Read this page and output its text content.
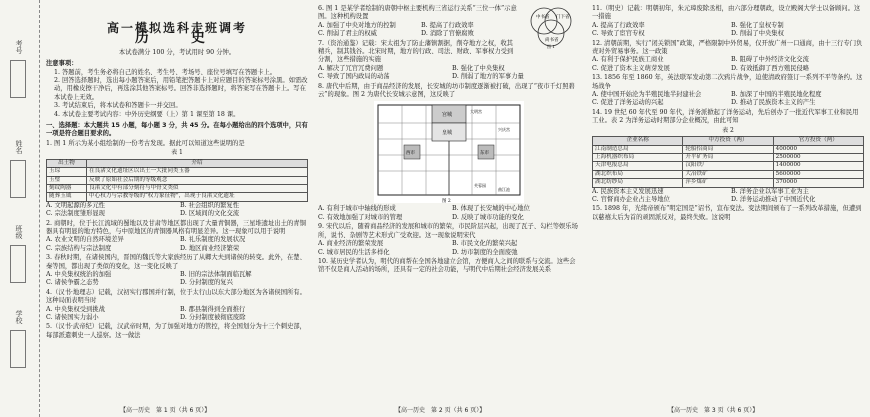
考号
姓名
班级
学校
高一模拟选科走班调考
历　史
本试卷满分 100 分，考试用时 90 分钟。
注意事项：
1. 答题前，考生务必将自己的姓名、考生号、考场号、座位号填写在答题卡上。
2. 回答选择题时，选出每小题答案后，用铅笔把答题卡上对应题目的答案标号涂黑。如需改动，用橡皮擦干净后，再选涂其他答案标号。回答非选择题时，将答案写在答题卡上。写在本试卷上无效。
3. 考试结束后，将本试卷和答题卡一并交回。
4. 本试卷主要考试内容：中外历史纲要（上）第 1 课至第 18 课。
一、选择题：本大题共 15 小题，每小题 3 分，共 45 分。在每小题给出的四个选项中，只有一项是符合题目要求的。
1. 图 1 所示为某小组绘制的一份考古发现。据此可以知道这些说明的是
表 1
出土物	介绍
玉琮	在良渚文化遗址区以出土一大批同类玉器
玉璧	反映了原始社会后期的等级观念
刻纹陶器	良渚文化中有部分刻符与甲骨文类似
随葬玉钺	中心权力与宗教等级的“权力象征物”，出现于良渚文化遗址
A. 文明起源的多元性	B. 社会组织的繁复性
C. 宗法制度雏形显现	D. 区域间的文化交流
2. 商朝时，位于长江流域的蜀地以及甘肃等地区都出现了大量青铜器，三星堆遗址出土的青铜器具有明显的地方特色，与中原地区的青铜器风格有明显差异。这一现象可以用于说明
A. 农业文明的自然环境差异	B. 礼乐制度的发展状况
C. 宗族结构与宗法制度	D. 地区商业经济繁荣
3. 春秋时期，在诸侯国内，晋国的魏氏等大家族经历了从卿大夫到诸侯的转变。此外，在楚、秦等国，都出现了类似的变化，这一变化反映了
A. 中央集权统治的加强	B. 旧的宗法体制面临瓦解
C. 诸侯争霸之态势	D. 分封制度的复兴
4.（汉书·地理志）记载，汉初实行郡国并行制，位于太行山以东大部分地区为各诸侯国所有。这种局面表明当时
A. 中央集权受到挑战	B. 郡县制得到全面推行
C. 诸侯国实力弱小	D. 分封制度被彻底废除
5.（汉书·武帝纪）记载，汉武帝时期，为了加强对地方的管控，将全国划分为十三个刺史部，每部派遣刺史一人巡察。这一做法
【高一历史　第 1 页（共 6 页）】
中书省 门下省
尚书省
图 1
6. 图 1 是某学者绘制的唐朝中枢主要机构三省运行关系“三位一体”示意图。这种机构设置
A. 加强了中央对地方的控制	B. 提高了行政效率
C. 削弱了君主的权威	D. 消除了官僚腐败
7.（资治通鉴）记载：宋太祖为了防止藩镇割据，削夺地方之权，收其精兵，制其钱谷。北宋时期，地方的行政、司法、财政、军事权力受到分割，这些措施的实施
A. 解决了冗官冗费问题	B. 强化了中央集权
C. 导致了国内政局的动荡	D. 削弱了地方的军事力量
8. 唐代中后期，由于商品经济的发展，长安城的坊市制度逐渐被打破，出现了“夜市千灯照碧云”的现象。图 2 为唐代长安城示意图，这反映了
宫城
皇城
东市
西市
曲江池
兴庆宫
大明宫
芙蓉园
图 2
A. 有利于城市中轴线的形成	B. 体现了长安城的中心地位
C. 有效地加强了对城市的管理	D. 反映了城市功能的变化
9. 宋代以后，随着商品经济的发展和城市的繁荣，市民阶层兴起，出现了瓦子、勾栏等娱乐场所，说书、杂剧等艺术形式广受欢迎。这一现象说明宋代
A. 商业经济的繁荣发展	B. 市民文化的繁荣兴起
C. 城市居民的生活多样化	D. 坊市制度的全面废弛
10. 某历史学者认为，明代的商帮在全国各地建立会馆，方便商人之间的联系与交流。这些会馆不仅是商人活动的场所，还具有一定的社会功能，与明代中后期社会经济发展关系
【高一历史　第 2 页（共 6 页）】
11.（明史）记载：明朝初年，朱元璋废除丞相，由六部分理朝政，设立殿阁大学士以备顾问。这一措施
A. 提高了行政效率	B. 强化了皇权专制
C. 导致了宦官专权	D. 削弱了中央集权
12. 清朝前期，实行“闭关锁国”政策，严格限制中外贸易，仅开放广州一口通商，由十三行专门负责对外贸易事务。这一政策
A. 有利于保护民族工商业	B. 阻碍了中外经济文化交流
C. 促进了资本主义萌芽发展	D. 有效抵御了西方殖民侵略
13. 1856 年至 1860 年，英法联军发动第二次鸦片战争，迫使清政府签订一系列不平等条约。这场战争
A. 使中国开始沦为半殖民地半封建社会	B. 加深了中国的半殖民地化程度
C. 促进了洋务运动的兴起	D. 推动了民族资本主义的产生
14. 19 世纪 60 年代至 90 年代，洋务派掀起了洋务运动，先后创办了一批近代军事工业和民用工业。表 2 为洋务运动时期部分企业概况，由此可知
表 2
企业名称	中方投资（两）	官方投资（两）
江南制造总局	轮船招商局	400000
上海机器织布局	开平矿务局	2500000
天津电报总局	汉阳铁厂	1400000
湖北织布局	大冶铁矿	5600000
湖北纺纱局	萍乡煤矿	370000
A. 民族资本主义发展迅速	B. 洋务企业以军事工业为主
C. 官督商办企业占主导地位	D. 洋务运动推动了中国近代化
15. 1898 年，光绪帝颁布“明定国是”诏书，宣布变法。变法期间颁布了一系列改革措施，但遭到以慈禧太后为首的顽固派反对，最终失败。这说明
【高一历史　第 3 页（共 6 页）】
